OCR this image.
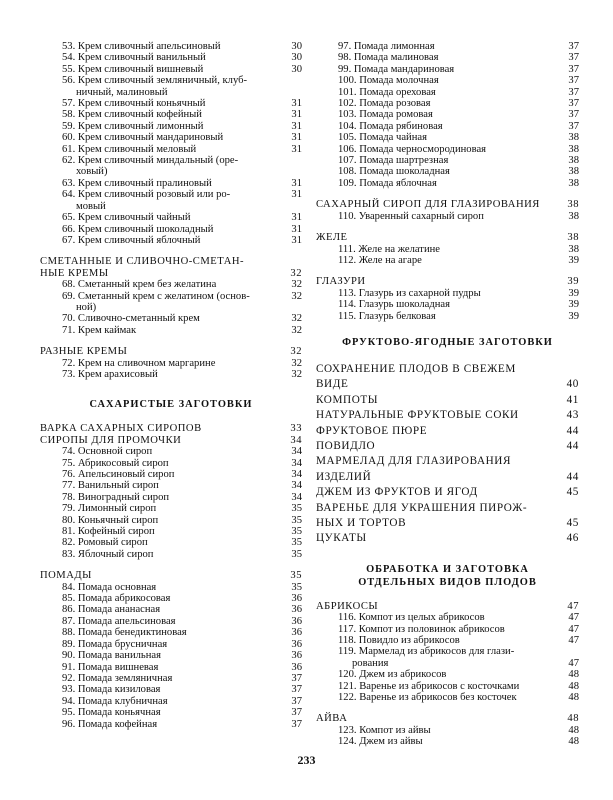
53. Крем сливочный апельсиновый	30
54. Крем сливочный ванильный	30
55. Крем сливочный вишневый	30
56. Крем сливочный земляничный, клуб-
ничный, малиновый
57. Крем сливочный коньячный	31
58. Крем сливочный кофейный	31
59. Крем сливочный лимонный	31
60. Крем сливочный мандариновый	31
61. Крем сливочный меловый	31
62. Крем сливочный миндальный (оре-
ховый)
63. Крем сливочный пралиновый	31
64. Крем сливочный розовый или ро-	31
мовый
65. Крем сливочный чайный	31
66. Крем сливочный шоколадный	31
67. Крем сливочный яблочный	31
СМЕТАННЫЕ И СЛИВОЧНО-СМЕТАН-
НЫЕ КРЕМЫ	32
68. Сметанный крем без желатина	32
69. Сметанный крем с желатином (основ-	32
ной)
70. Сливочно-сметанный крем	32
71. Крем каймак	32
РАЗНЫЕ КРЕМЫ	32
72. Крем на сливочном маргарине	32
73. Крем арахисовый	32
САХАРИСТЫЕ ЗАГОТОВКИ
ВАРКА САХАРНЫХ СИРОПОВ	33
СИРОПЫ ДЛЯ ПРОМОЧКИ	34
74. Основной сироп	34
75. Абрикосовый сироп	34
76. Апельсиновый сироп	34
77. Ванильный сироп	34
78. Виноградный сироп	34
79. Лимонный сироп	35
80. Коньячный сироп	35
81. Кофейный сироп	35
82. Ромовый сироп	35
83. Яблочный сироп	35
ПОМАДЫ	35
84. Помада основная	35
85. Помада абрикосовая	36
86. Помада ананасная	36
87. Помада апельсиновая	36
88. Помада бенедиктиновая	36
89. Помада брусничная	36
90. Помада ванильная	36
91. Помада вишневая	36
92. Помада земляничная	37
93. Помада кизиловая	37
94. Помада клубничная	37
95. Помада коньячная	37
96. Помада кофейная	37
97. Помада лимонная	37
98. Помада малиновая	37
99. Помада мандариновая	37
100. Помада молочная	37
101. Помада ореховая	37
102. Помада розовая	37
103. Помада ромовая	37
104. Помада рябиновая	37
105. Помада чайная	38
106. Помада черносмородиновая	38
107. Помада шартрезная	38
108. Помада шоколадная	38
109. Помада яблочная	38
САХАРНЫЙ СИРОП ДЛЯ ГЛАЗИРОВАНИЯ	38
110. Уваренный сахарный сироп	38
ЖЕЛЕ	38
111. Желе на желатине	38
112. Желе на агаре	39
ГЛАЗУРИ	39
113. Глазурь из сахарной пудры	39
114. Глазурь шоколадная	39
115. Глазурь белковая	39
ФРУКТОВО-ЯГОДНЫЕ ЗАГОТОВКИ
СОХРАНЕНИЕ ПЛОДОВ В СВЕЖЕМ
ВИДЕ	40
КОМПОТЫ	41
НАТУРАЛЬНЫЕ ФРУКТОВЫЕ СОКИ	43
ФРУКТОВОЕ ПЮРЕ	44
ПОВИДЛО	44
МАРМЕЛАД ДЛЯ ГЛАЗИРОВАНИЯ
ИЗДЕЛИЙ	44
ДЖЕМ ИЗ ФРУКТОВ И ЯГОД	45
ВАРЕНЬЕ ДЛЯ УКРАШЕНИЯ ПИРОЖ-
НЫХ И ТОРТОВ	45
ЦУКАТЫ	46
ОБРАБОТКА И ЗАГОТОВКА
ОТДЕЛЬНЫХ ВИДОВ ПЛОДОВ
АБРИКОСЫ	47
116. Компот из целых абрикосов	47
117. Компот из половинок абрикосов	47
118. Повидло из абрикосов	47
119. Мармелад из абрикосов для глази-
рования	47
120. Джем из абрикосов	48
121. Варенье из абрикосов с косточками	48
122. Варенье из абрикосов без косточек	48
АЙВА	48
123. Компот из айвы	48
124. Джем из айвы	48
233
